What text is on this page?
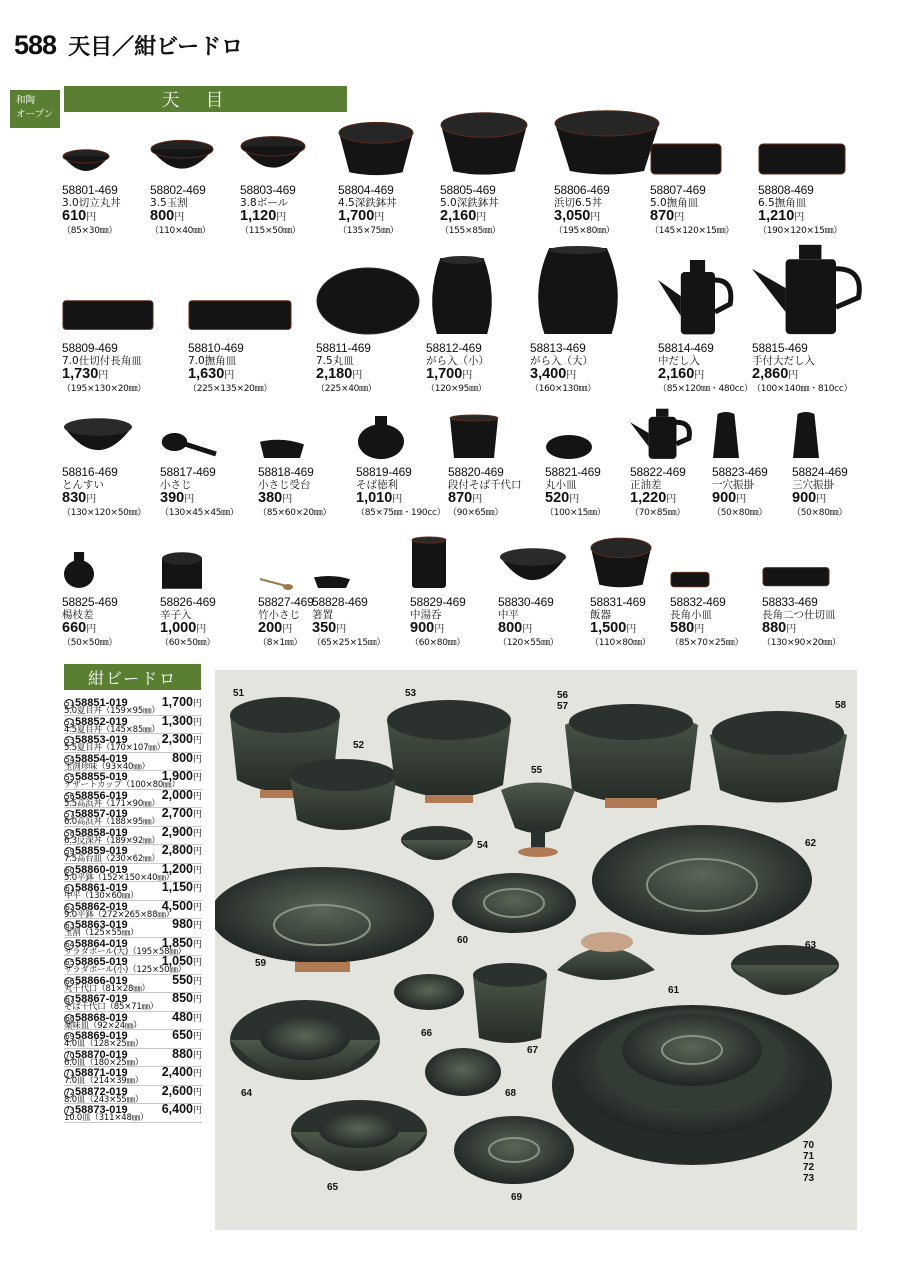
588 天目／紺ビードロ
和陶
オープン
天目
58801-469
3.0切立丸丼
610円
（85×30㎜）
58802-469
3.5玉割
800円
（110×40㎜）
58803-469
3.8ボール
1,120円
（115×50㎜）
58804-469
4.5深鉄鉢丼
1,700円
（135×75㎜）
58805-469
5.0深鉄鉢丼
2,160円
（155×85㎜）
58806-469
浜切6.5丼
3,050円
（195×80㎜）
58807-469
5.0撫角皿
870円
（145×120×15㎜）
58808-469
6.5撫角皿
1,210円
（190×120×15㎜）
58809-469
7.0仕切付長角皿
1,730円
（195×130×20㎜）
58810-469
7.0撫角皿
1,630円
（225×135×20㎜）
58811-469
7.5丸皿
2,180円
（225×40㎜）
58812-469
がら入（小）
1,700円
（120×95㎜）
58813-469
がら入（大）
3,400円
（160×130㎜）
58814-469
中だし入
2,160円
（85×120㎜・480cc）
58815-469
手付大だし入
2,860円
（100×140㎜・810cc）
58816-469
とんすい
830円
（130×120×50㎜）
58817-469
小さじ
390円
（130×45×45㎜）
58818-469
小さじ受台
380円
（85×60×20㎜）
58819-469
そば徳利
1,010円
（85×75㎜・190cc）
58820-469
段付そば千代口
870円
（90×65㎜）
58821-469
丸小皿
520円
（100×15㎜）
58822-469
正油差
1,220円
（70×85㎜）
58823-469
一穴振掛
900円
（50×80㎜）
58824-469
三穴振掛
900円
（50×80㎜）
58825-469
楊枝差
660円
（50×50㎜）
58826-469
辛子入
1,000円
（60×50㎜）
58827-469
竹小さじ
200円
（8×1㎜）
58828-469
箸置
350円
（65×25×15㎜）
58829-469
中湯呑
900円
（60×80㎜）
58830-469
中平
800円
（120×55㎜）
58831-469
飯器
1,500円
（110×80㎜）
58832-469
長角小皿
580円
（85×70×25㎜）
58833-469
長角二つ仕切皿
880円
（130×90×20㎜）
紺ビードロ
51 58851-019	1,700円
5.0夏目丼（159×95㎜）
52 58852-019	1,300円
4.5夏目丼（145×85㎜）
53 58853-019	2,300円
5.5夏目丼（170×107㎜）
54 58854-019	800円
玉渕珍味（93×40㎜）
55 58855-019	1,900円
デザートカップ（100×80㎜）
56 58856-019	2,000円
5.5高浜丼（171×90㎜）
57 58857-019	2,700円
6.0高浜丼（188×95㎜）
58 58858-019	2,900円
6.3反深丼（189×92㎜）
59 58859-019	2,800円
7.5高台皿（230×62㎜）
60 58860-019	1,200円
5.0平鉢（152×150×40㎜）
61 58861-019	1,150円
中平（130×60㎜）
62 58862-019	4,500円
9.0平鉢（272×265×88㎜）
63 58863-019	980円
玉割（125×55㎜）
64 58864-019	1,850円
サラダボール(大)（195×58㎜）
65 58865-019	1,050円
サラダボール(小)（125×50㎜）
66 58866-019	550円
丸千代口（81×28㎜）
67 58867-019	850円
そば千代口（85×71㎜）
68 58868-019	480円
薬味皿（92×24㎜）
69 58869-019	650円
4.0皿（128×25㎜）
70 58870-019	880円
6.0皿（180×25㎜）
71 58871-019	2,400円
7.0皿（214×39㎜）
72 58872-019	2,600円
8.0皿（243×55㎜）
73 58873-019	6,400円
10.0皿（311×48㎜）
51
52
53
54
55
56
57	58
59
60
61
62
63
64
65
66
67
68
69
70
71
72
73
